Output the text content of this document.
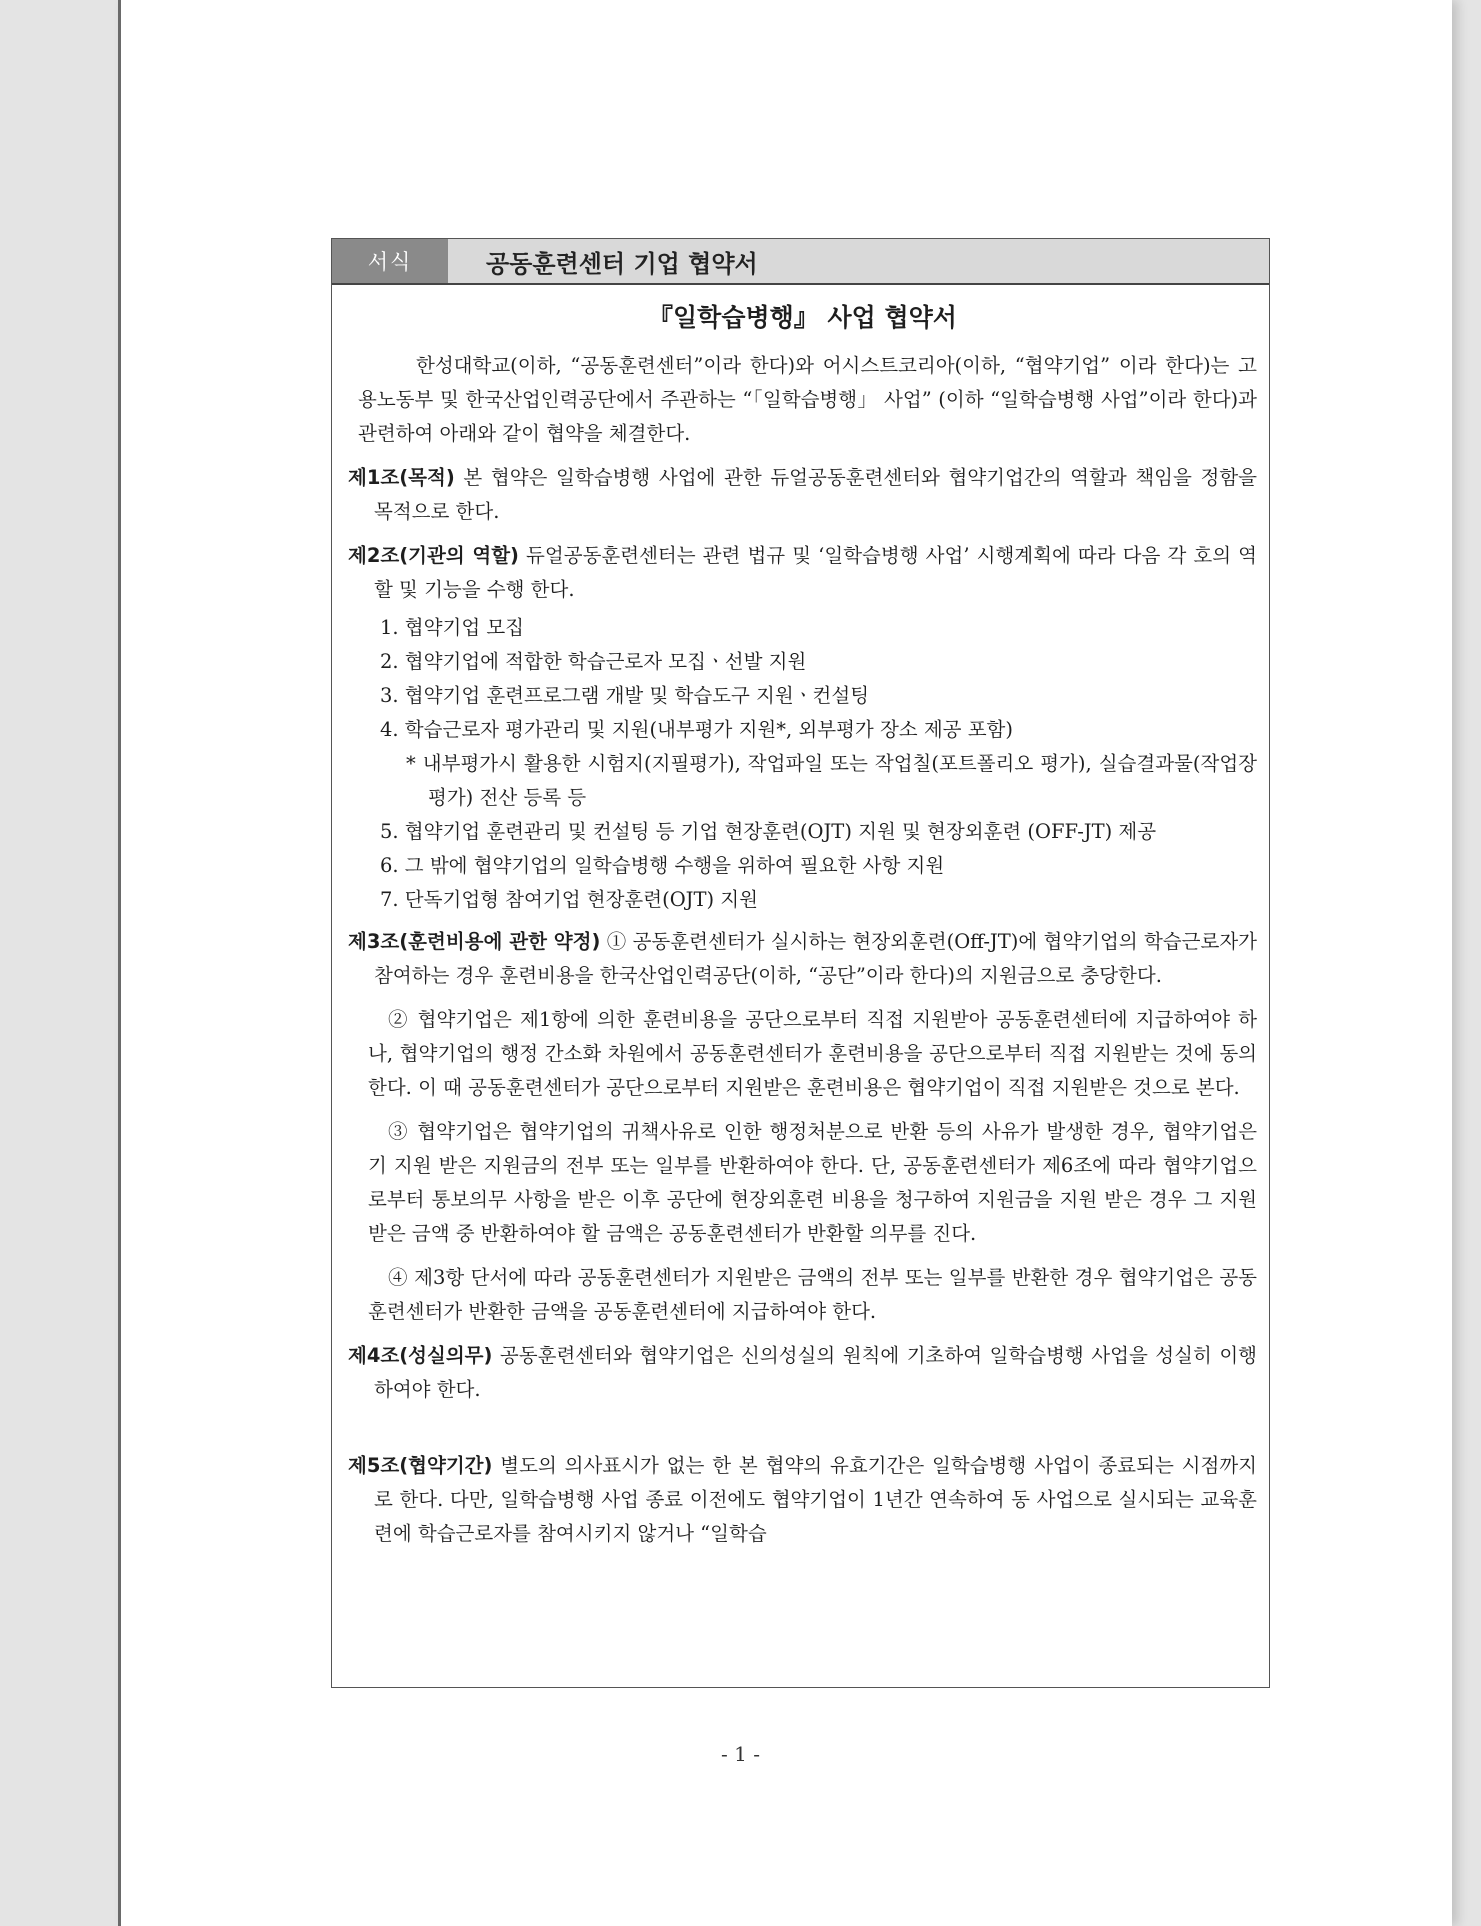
서식	공동훈련센터 기업 협약서
『일학습병행』 사업 협약서

한성대학교(이하, “공동훈련센터”이라 한다)와 어시스트코리아(이하, “협약기업” 이라 한다)는 고용노동부 및 한국산업인력공단에서 주관하는 “「일학습병행」 사업” (이하 “일학습병행 사업”이라 한다)과 관련하여 아래와 같이 협약을 체결한다.

제1조(목적) 본 협약은 일학습병행 사업에 관한 듀얼공동훈련센터와 협약기업간의 역할과 책임을 정함을 목적으로 한다.

제2조(기관의 역할) 듀얼공동훈련센터는 관련 법규 및 ‘일학습병행 사업’ 시행계획에 따라 다음 각 호의 역할 및 기능을 수행 한다.

1. 협약기업 모집
2. 협약기업에 적합한 학습근로자 모집ㆍ선발 지원
3. 협약기업 훈련프로그램 개발 및 학습도구 지원ㆍ컨설팅
4. 학습근로자 평가관리 및 지원(내부평가 지원*, 외부평가 장소 제공 포함)
* 내부평가시 활용한 시험지(지필평가), 작업파일 또는 작업칠(포트폴리오 평가), 실습결과물(작업장 평가) 전산 등록 등
5. 협약기업 훈련관리 및 컨설팅 등 기업 현장훈련(OJT) 지원 및 현장외훈련 (OFF-JT) 제공
6. 그 밖에 협약기업의 일학습병행 수행을 위하여 필요한 사항 지원
7. 단독기업형 참여기업 현장훈련(OJT) 지원

제3조(훈련비용에 관한 약정) ① 공동훈련센터가 실시하는 현장외훈련(Off-JT)에 협약기업의 학습근로자가 참여하는 경우 훈련비용을 한국산업인력공단(이하, “공단”이라 한다)의 지원금으로 충당한다.

② 협약기업은 제1항에 의한 훈련비용을 공단으로부터 직접 지원받아 공동훈련센터에 지급하여야 하나, 협약기업의 행정 간소화 차원에서 공동훈련센터가 훈련비용을 공단으로부터 직접 지원받는 것에 동의한다. 이 때 공동훈련센터가 공단으로부터 지원받은 훈련비용은 협약기업이 직접 지원받은 것으로 본다.

③ 협약기업은 협약기업의 귀책사유로 인한 행정처분으로 반환 등의 사유가 발생한 경우, 협약기업은 기 지원 받은 지원금의 전부 또는 일부를 반환하여야 한다. 단, 공동훈련센터가 제6조에 따라 협약기업으로부터 통보의무 사항을 받은 이후 공단에 현장외훈련 비용을 청구하여 지원금을 지원 받은 경우 그 지원 받은 금액 중 반환하여야 할 금액은 공동훈련센터가 반환할 의무를 진다.

④ 제3항 단서에 따라 공동훈련센터가 지원받은 금액의 전부 또는 일부를 반환한 경우 협약기업은 공동훈련센터가 반환한 금액을 공동훈련센터에 지급하여야 한다.

제4조(성실의무) 공동훈련센터와 협약기업은 신의성실의 원칙에 기초하여 일학습병행 사업을 성실히 이행하여야 한다.

제5조(협약기간) 별도의 의사표시가 없는 한 본 협약의 유효기간은 일학습병행 사업이 종료되는 시점까지로 한다. 다만, 일학습병행 사업 종료 이전에도 협약기업이 1년간 연속하여 동 사업으로 실시되는 교육훈련에 학습근로자를 참여시키지 않거나 “일학습

- 1 -
